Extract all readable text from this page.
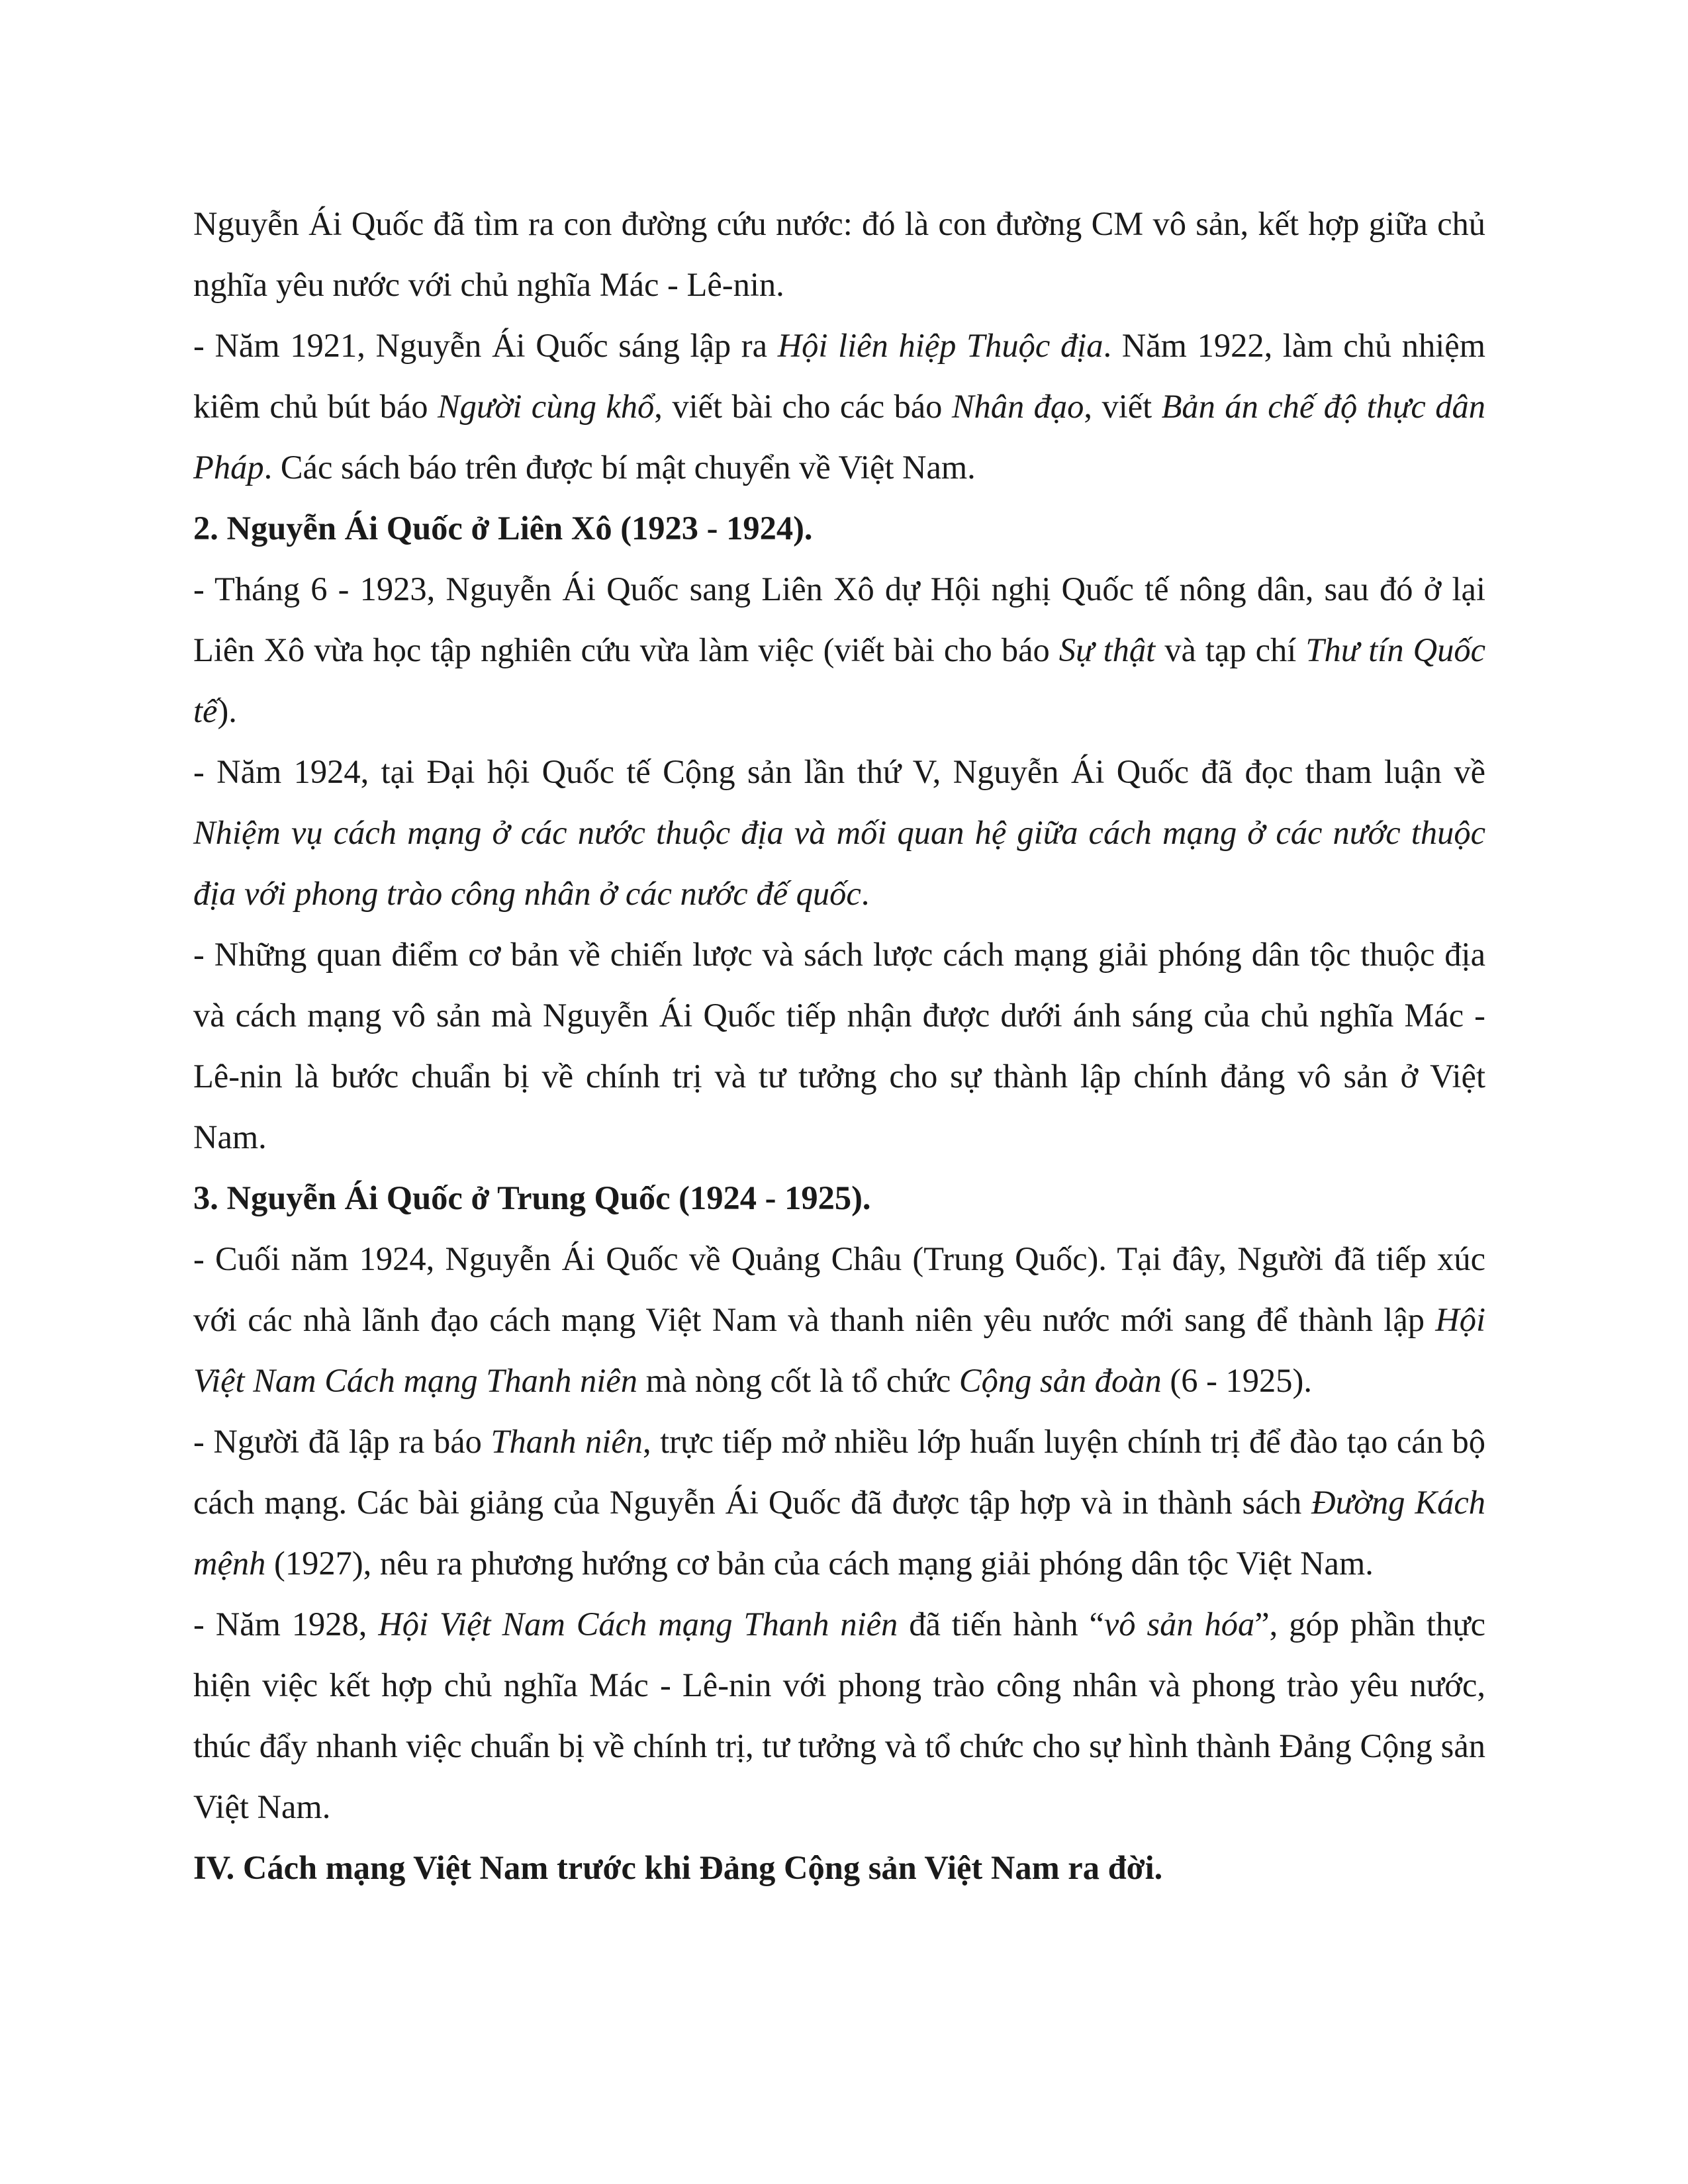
Nguyễn Ái Quốc đã tìm ra con đường cứu nước: đó là con đường CM vô sản, kết hợp giữa chủ nghĩa yêu nước với chủ nghĩa Mác - Lê-nin.

- Năm 1921, Nguyễn Ái Quốc sáng lập ra Hội liên hiệp Thuộc địa. Năm 1922, làm chủ nhiệm kiêm chủ bút báo Người cùng khổ, viết bài cho các báo Nhân đạo, viết Bản án chế độ thực dân Pháp. Các sách báo trên được bí mật chuyển về Việt Nam.

2. Nguyễn Ái Quốc ở Liên Xô (1923 - 1924).

- Tháng 6 - 1923, Nguyễn Ái Quốc sang Liên Xô dự Hội nghị Quốc tế nông dân, sau đó ở lại Liên Xô vừa học tập nghiên cứu vừa làm việc (viết bài cho báo Sự thật và tạp chí Thư tín Quốc tế).

- Năm 1924, tại Đại hội Quốc tế Cộng sản lần thứ V, Nguyễn Ái Quốc đã đọc tham luận về Nhiệm vụ cách mạng ở các nước thuộc địa và mối quan hệ giữa cách mạng ở các nước thuộc địa với phong trào công nhân ở các nước đế quốc.

- Những quan điểm cơ bản về chiến lược và sách lược cách mạng giải phóng dân tộc thuộc địa và cách mạng vô sản mà Nguyễn Ái Quốc tiếp nhận được dưới ánh sáng của chủ nghĩa Mác - Lê-nin là bước chuẩn bị về chính trị và tư tưởng cho sự thành lập chính đảng vô sản ở Việt Nam.

3. Nguyễn Ái Quốc ở Trung Quốc (1924 - 1925).

- Cuối năm 1924, Nguyễn Ái Quốc về Quảng Châu (Trung Quốc). Tại đây, Người đã tiếp xúc với các nhà lãnh đạo cách mạng Việt Nam và thanh niên yêu nước mới sang để thành lập Hội Việt Nam Cách mạng Thanh niên mà nòng cốt là tổ chức Cộng sản đoàn (6 - 1925).

- Người đã lập ra báo Thanh niên, trực tiếp mở nhiều lớp huấn luyện chính trị để đào tạo cán bộ cách mạng. Các bài giảng của Nguyễn Ái Quốc đã được tập hợp và in thành sách Đường Kách mệnh (1927), nêu ra phương hướng cơ bản của cách mạng giải phóng dân tộc Việt Nam.

- Năm 1928, Hội Việt Nam Cách mạng Thanh niên đã tiến hành “vô sản hóa”, góp phần thực hiện việc kết hợp chủ nghĩa Mác - Lê-nin với phong trào công nhân và phong trào yêu nước, thúc đẩy nhanh việc chuẩn bị về chính trị, tư tưởng và tổ chức cho sự hình thành Đảng Cộng sản Việt Nam.

IV. Cách mạng Việt Nam trước khi Đảng Cộng sản Việt Nam ra đời.
